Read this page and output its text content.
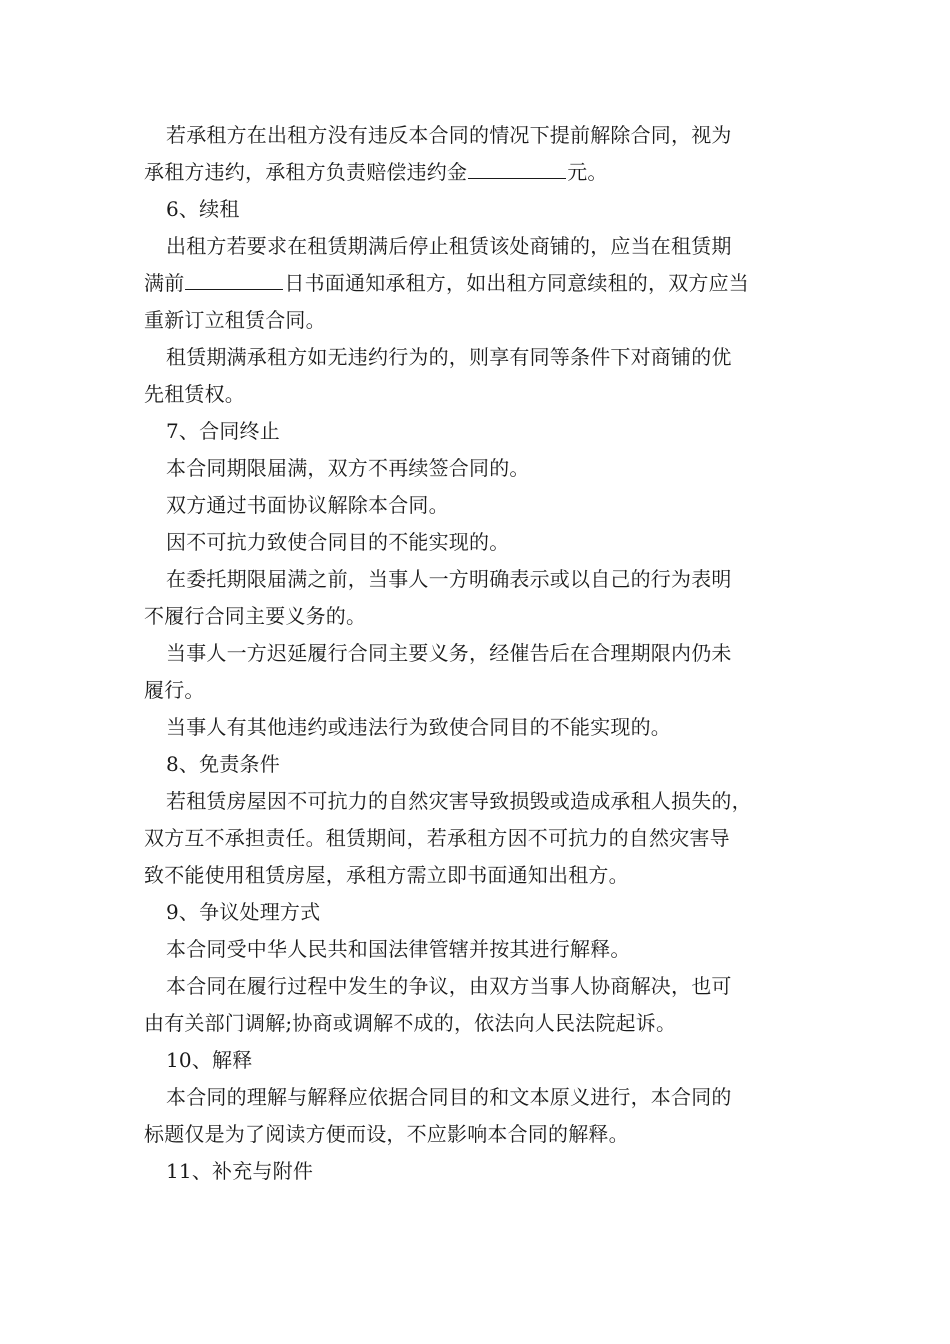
若承租方在出租方没有违反本合同的情况下提前解除合同，视为

承租方违约，承租方负责赔偿违约金	元。

6、续租

出租方若要求在租赁期满后停止租赁该处商铺的，应当在租赁期

满前	日书面通知承租方，如出租方同意续租的，双方应当

重新订立租赁合同。

租赁期满承租方如无违约行为的，则享有同等条件下对商铺的优

先租赁权。

7、合同终止

本合同期限届满，双方不再续签合同的。

双方通过书面协议解除本合同。

因不可抗力致使合同目的不能实现的。

在委托期限届满之前，当事人一方明确表示或以自己的行为表明

不履行合同主要义务的。

当事人一方迟延履行合同主要义务，经催告后在合理期限内仍未

履行。

当事人有其他违约或违法行为致使合同目的不能实现的。

8、免责条件

若租赁房屋因不可抗力的自然灾害导致损毁或造成承租人损失的，

双方互不承担责任。租赁期间，若承租方因不可抗力的自然灾害导

致不能使用租赁房屋，承租方需立即书面通知出租方。

9、争议处理方式

本合同受中华人民共和国法律管辖并按其进行解释。

本合同在履行过程中发生的争议，由双方当事人协商解决，也可

由有关部门调解;协商或调解不成的，依法向人民法院起诉。

10、解释

本合同的理解与解释应依据合同目的和文本原义进行，本合同的

标题仅是为了阅读方便而设，不应影响本合同的解释。

11、补充与附件
